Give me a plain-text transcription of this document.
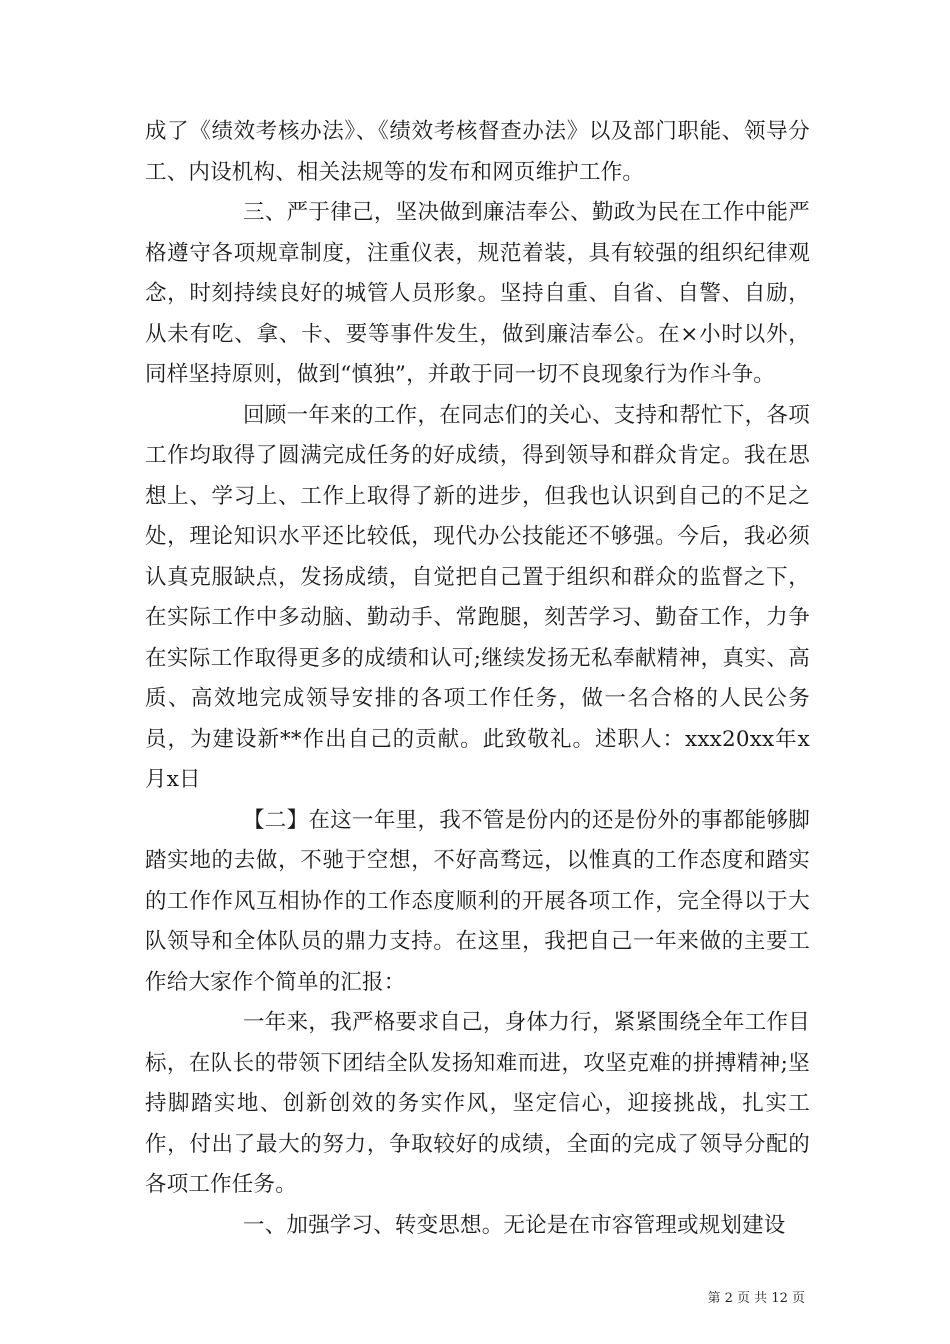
成了《绩效考核办法》、《绩效考核督查办法》以及部门职能、领导分工、内设机构、相关法规等的发布和网页维护工作。

三、严于律己，坚决做到廉洁奉公、勤政为民在工作中能严格遵守各项规章制度，注重仪表，规范着装，具有较强的组织纪律观念，时刻持续良好的城管人员形象。坚持自重、自省、自警、自励，从未有吃、拿、卡、要等事件发生，做到廉洁奉公。在×小时以外，同样坚持原则，做到“慎独”，并敢于同一切不良现象行为作斗争。

回顾一年来的工作，在同志们的关心、支持和帮忙下，各项工作均取得了圆满完成任务的好成绩，得到领导和群众肯定。我在思想上、学习上、工作上取得了新的进步，但我也认识到自己的不足之处，理论知识水平还比较低，现代办公技能还不够强。今后，我必须认真克服缺点，发扬成绩，自觉把自己置于组织和群众的监督之下，在实际工作中多动脑、勤动手、常跑腿，刻苦学习、勤奋工作，力争在实际工作取得更多的成绩和认可;继续发扬无私奉献精神，真实、高质、高效地完成领导安排的各项工作任务，做一名合格的人民公务员，为建设新**作出自己的贡献。此致敬礼。述职人：xxx20xx年x月x日

【二】在这一年里，我不管是份内的还是份外的事都能够脚踏实地的去做，不驰于空想，不好高骛远，以惟真的工作态度和踏实的工作作风互相协作的工作态度顺利的开展各项工作，完全得以于大队领导和全体队员的鼎力支持。在这里，我把自己一年来做的主要工作给大家作个简单的汇报：

一年来，我严格要求自己，身体力行，紧紧围绕全年工作目标，在队长的带领下团结全队发扬知难而进，攻坚克难的拼搏精神;坚持脚踏实地、创新创效的务实作风，坚定信心，迎接挑战，扎实工作，付出了最大的努力，争取较好的成绩，全面的完成了领导分配的各项工作任务。

一、加强学习、转变思想。无论是在市容管理或规划建设

第 2 页 共 12 页
